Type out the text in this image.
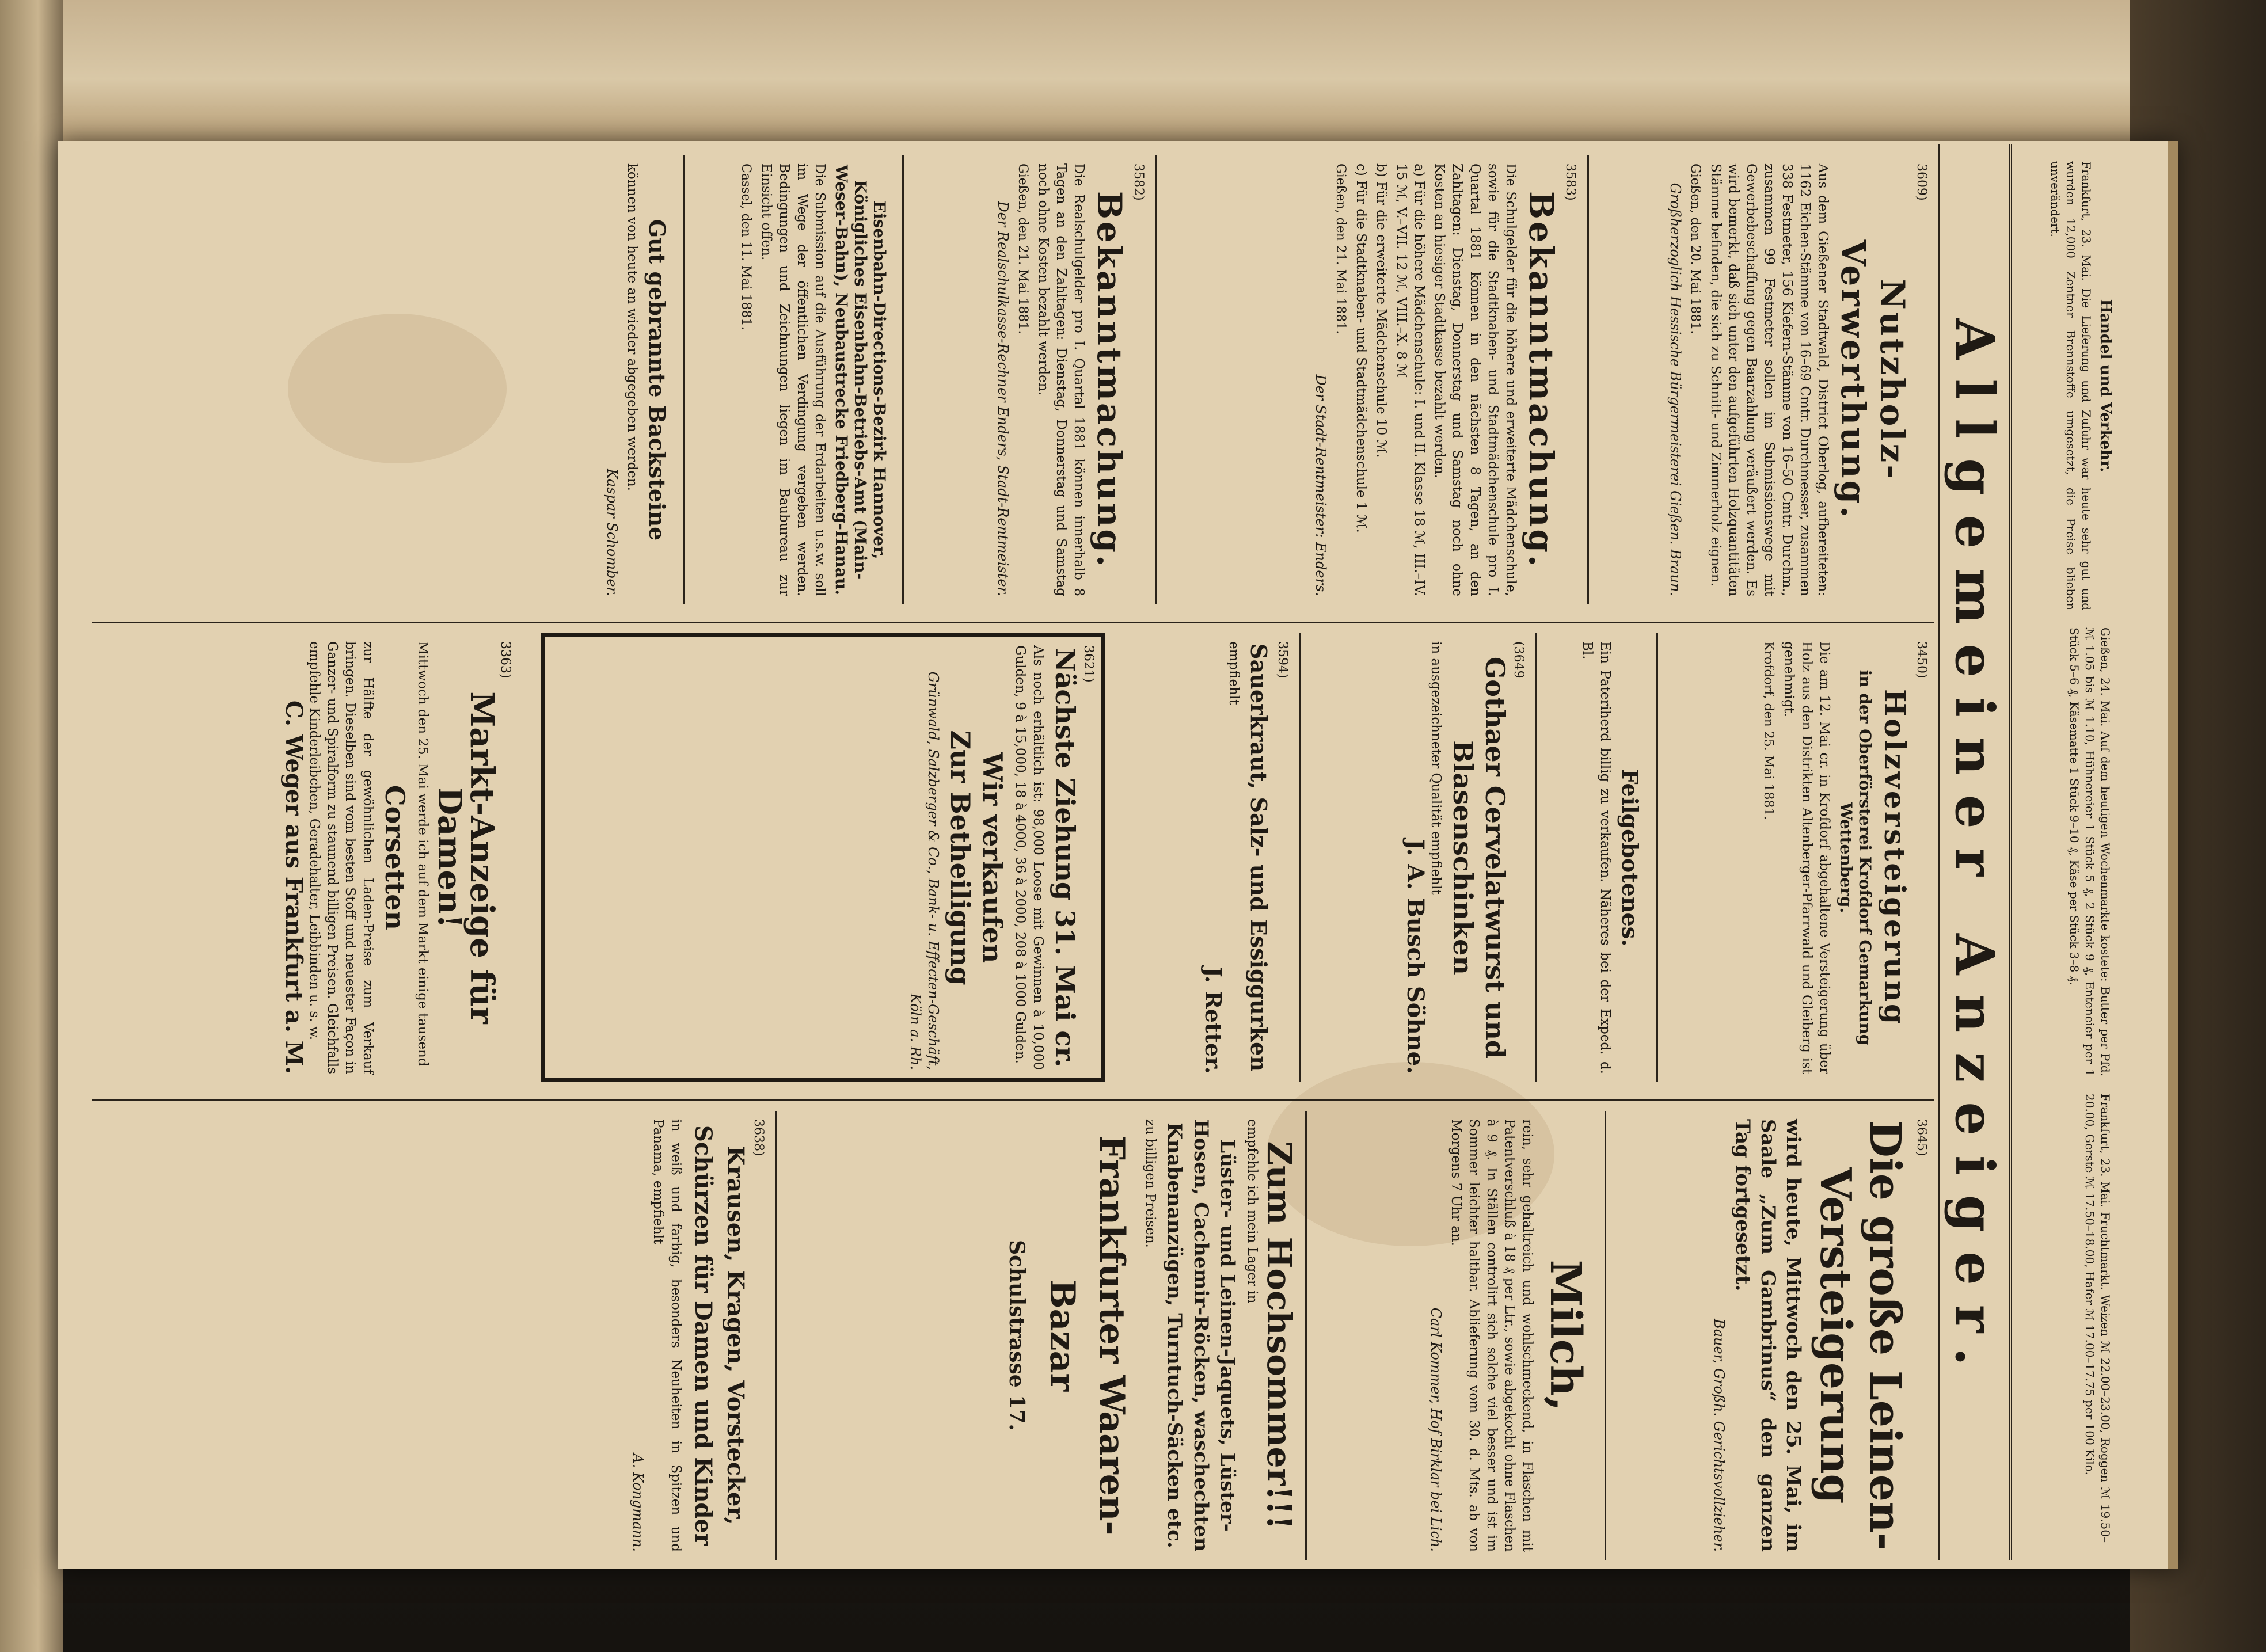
Handel und Verkehr.
Frankfurt, 23. Mai. Die Lieferung und Zufuhr war heute sehr gut und wurden 12,000 Zentner Brennstoffe umgesetzt, die Preise blieben unverändert.
Gießen, 24. Mai. Auf dem heutigen Wochenmarkte kostete: Butter per Pfd. ℳ 1.05 bis ℳ 1.10, Hühnereier 1 Stück 5 ₰, 2 Stück 9 ₰, Enteneier per 1 Stück 5–6 ₰, Käsematte 1 Stück 9–10 ₰, Käse per Stück 3–8 ₰.
Frankfurt, 23. Mai. Fruchtmarkt. Weizen ℳ 22.00–23.00, Roggen ℳ 19.50–20.00, Gerste ℳ 17.50–18.00, Hafer ℳ 17.00–17.75 per 100 Kilo.
Allgemeiner Anzeiger.
3609)
Nutzholz-Verwerthung.

Aus dem Gießener Stadtwald, District Oberlog, aufbereiteten: 1162 Eichen-Stämme von 16–69 Cmtr. Durchmesser, zusammen 338 Festmeter, 156 Kiefern-Stämme von 16–50 Cmtr. Durchm., zusammen 99 Festmeter sollen im Submissionswege mit Gewerbebeschaffung gegen Baarzahlung veräußert werden. Es wird bemerkt, daß sich unter den aufgeführten Holzquantitäten Stämme befinden, die sich zu Schnitt- und Zimmerholz eignen.

Gießen, den 20. Mai 1881.

Großherzoglich Hessische Bürgermeisterei Gießen. Braun.

3583)
Bekanntmachung.

Die Schulgelder für die höhere und erweiterte Mädchenschule, sowie für die Stadtknaben- und Stadtmädchenschule pro I. Quartal 1881 können in den nächsten 8 Tagen, an den Zahltagen: Dienstag, Donnerstag und Samstag noch ohne Kosten an hiesiger Stadtkasse bezahlt werden.

a) Für die höhere Mädchenschule: I. und II. Klasse 18 ℳ, III.–IV. 15 ℳ, V.–VII. 12 ℳ, VIII.–X. 8 ℳ

b) Für die erweiterte Mädchenschule 10 ℳ.

c) Für die Stadtknaben- und Stadtmädchenschule 1 ℳ.

Gießen, den 21. Mai 1881.

Der Stadt-Rentmeister: Enders.

3582)
Bekanntmachung.

Die Realschulgelder pro I. Quartal 1881 können innerhalb 8 Tagen an den Zahltagen: Dienstag, Donnerstag und Samstag noch ohne Kosten bezahlt werden.

Gießen, den 21. Mai 1881.

Der Realschulkasse-Rechner Enders, Stadt-Rentmeister.

Eisenbahn-Directions-Bezirk Hannover, Königliches Eisenbahn-Betriebs-Amt (Main-Weser-Bahn), Neubaustrecke Friedberg-Hanau.

Die Submission auf die Ausführung der Erdarbeiten u.s.w. soll im Wege der öffentlichen Verdingung vergeben werden. Bedingungen und Zeichnungen liegen im Baubureau zur Einsicht offen.

Cassel, den 11. Mai 1881.

Gut gebrannte Backsteine

können von heute an wieder abgegeben werden.

Kaspar Schomber.

3450)
Holzversteigerung
in der Oberförsterei Krofdorf Gemarkung Wettenberg.

Die am 12. Mai cr. in Krofdorf abgehaltene Versteigerung über Holz aus den Distrikten Altenberger-Pfarrwald und Gleiberg ist genehmigt.

Krofdorf, den 25. Mai 1881.

Feilgebotenes.

Ein Pateriherd billig zu verkaufen. Näheres bei der Exped. d. Bl.

(3649
Gothaer Cervelatwurst und Blasenschinken

in ausgezeichneter Qualität empfiehlt

J. A. Busch Söhne.

3594)
Sauerkraut, Salz- und Essiggurken

empfiehlt

J. Retter.

3621)
Nächste Ziehung 31. Mai cr.

Als noch erhältlich ist: 98,000 Loose mit Gewinnen à 10,000 Gulden, 9 à 15,000, 18 à 4000, 36 à 2000, 208 à 1000 Gulden.

Wir verkaufen
Zur Betheiligung

Grünwald, Salzberger & Co., Bank- u. Effecten-Geschäft, Köln a. Rh.

3363)
Markt-Anzeige für Damen!

Mittwoch den 25. Mai werde ich auf dem Markt einige tausend

Corsetten

zur Hälfte der gewöhnlichen Laden-Preise zum Verkauf bringen. Dieselben sind vom besten Stoff und neuester Façon in Ganzer- und Spiralform zu staunend billigen Preisen. Gleichfalls empfehle Kinderleibchen, Geradehalter, Leibbinden u. s. w.

C. Weger aus Frankfurt a. M.

3645)
Die große Leinen-Versteigerung

wird heute, Mittwoch den 25. Mai, im Saale „Zum Gambrinus“ den ganzen Tag fortgesetzt.

Bauer, Großh. Gerichtsvollzieher.

Milch,

rein, sehr gehaltreich und wohlschmeckend, in Flaschen mit Patentverschluß à 18 ₰ per Ltr., sowie abgekocht ohne Flaschen à 9 ₰. In Ställen controlirt sich solche viel besser und ist im Sommer leichter haltbar. Ablieferung vom 30. d. Mts. ab von Morgens 7 Uhr an.

Carl Kommer, Hof Birklar bei Lich.

Zum Hochsommer!!!

empfehle ich mein Lager in

Lüster- und Leinen-Jaquets, Lüster-Hosen, Cachemir-Röcken, waschechten Knabenanzügen, Turntuch-Säcken etc.

zu billigen Preisen.

Frankfurter Waaren-Bazar
Schulstrasse 17.
3638)
Krausen, Kragen, Vorstecker, Schürzen für Damen und Kinder

in weiß und farbig, besonders Neuheiten in Spitzen und Panama, empfiehlt

A. Kongmann.
